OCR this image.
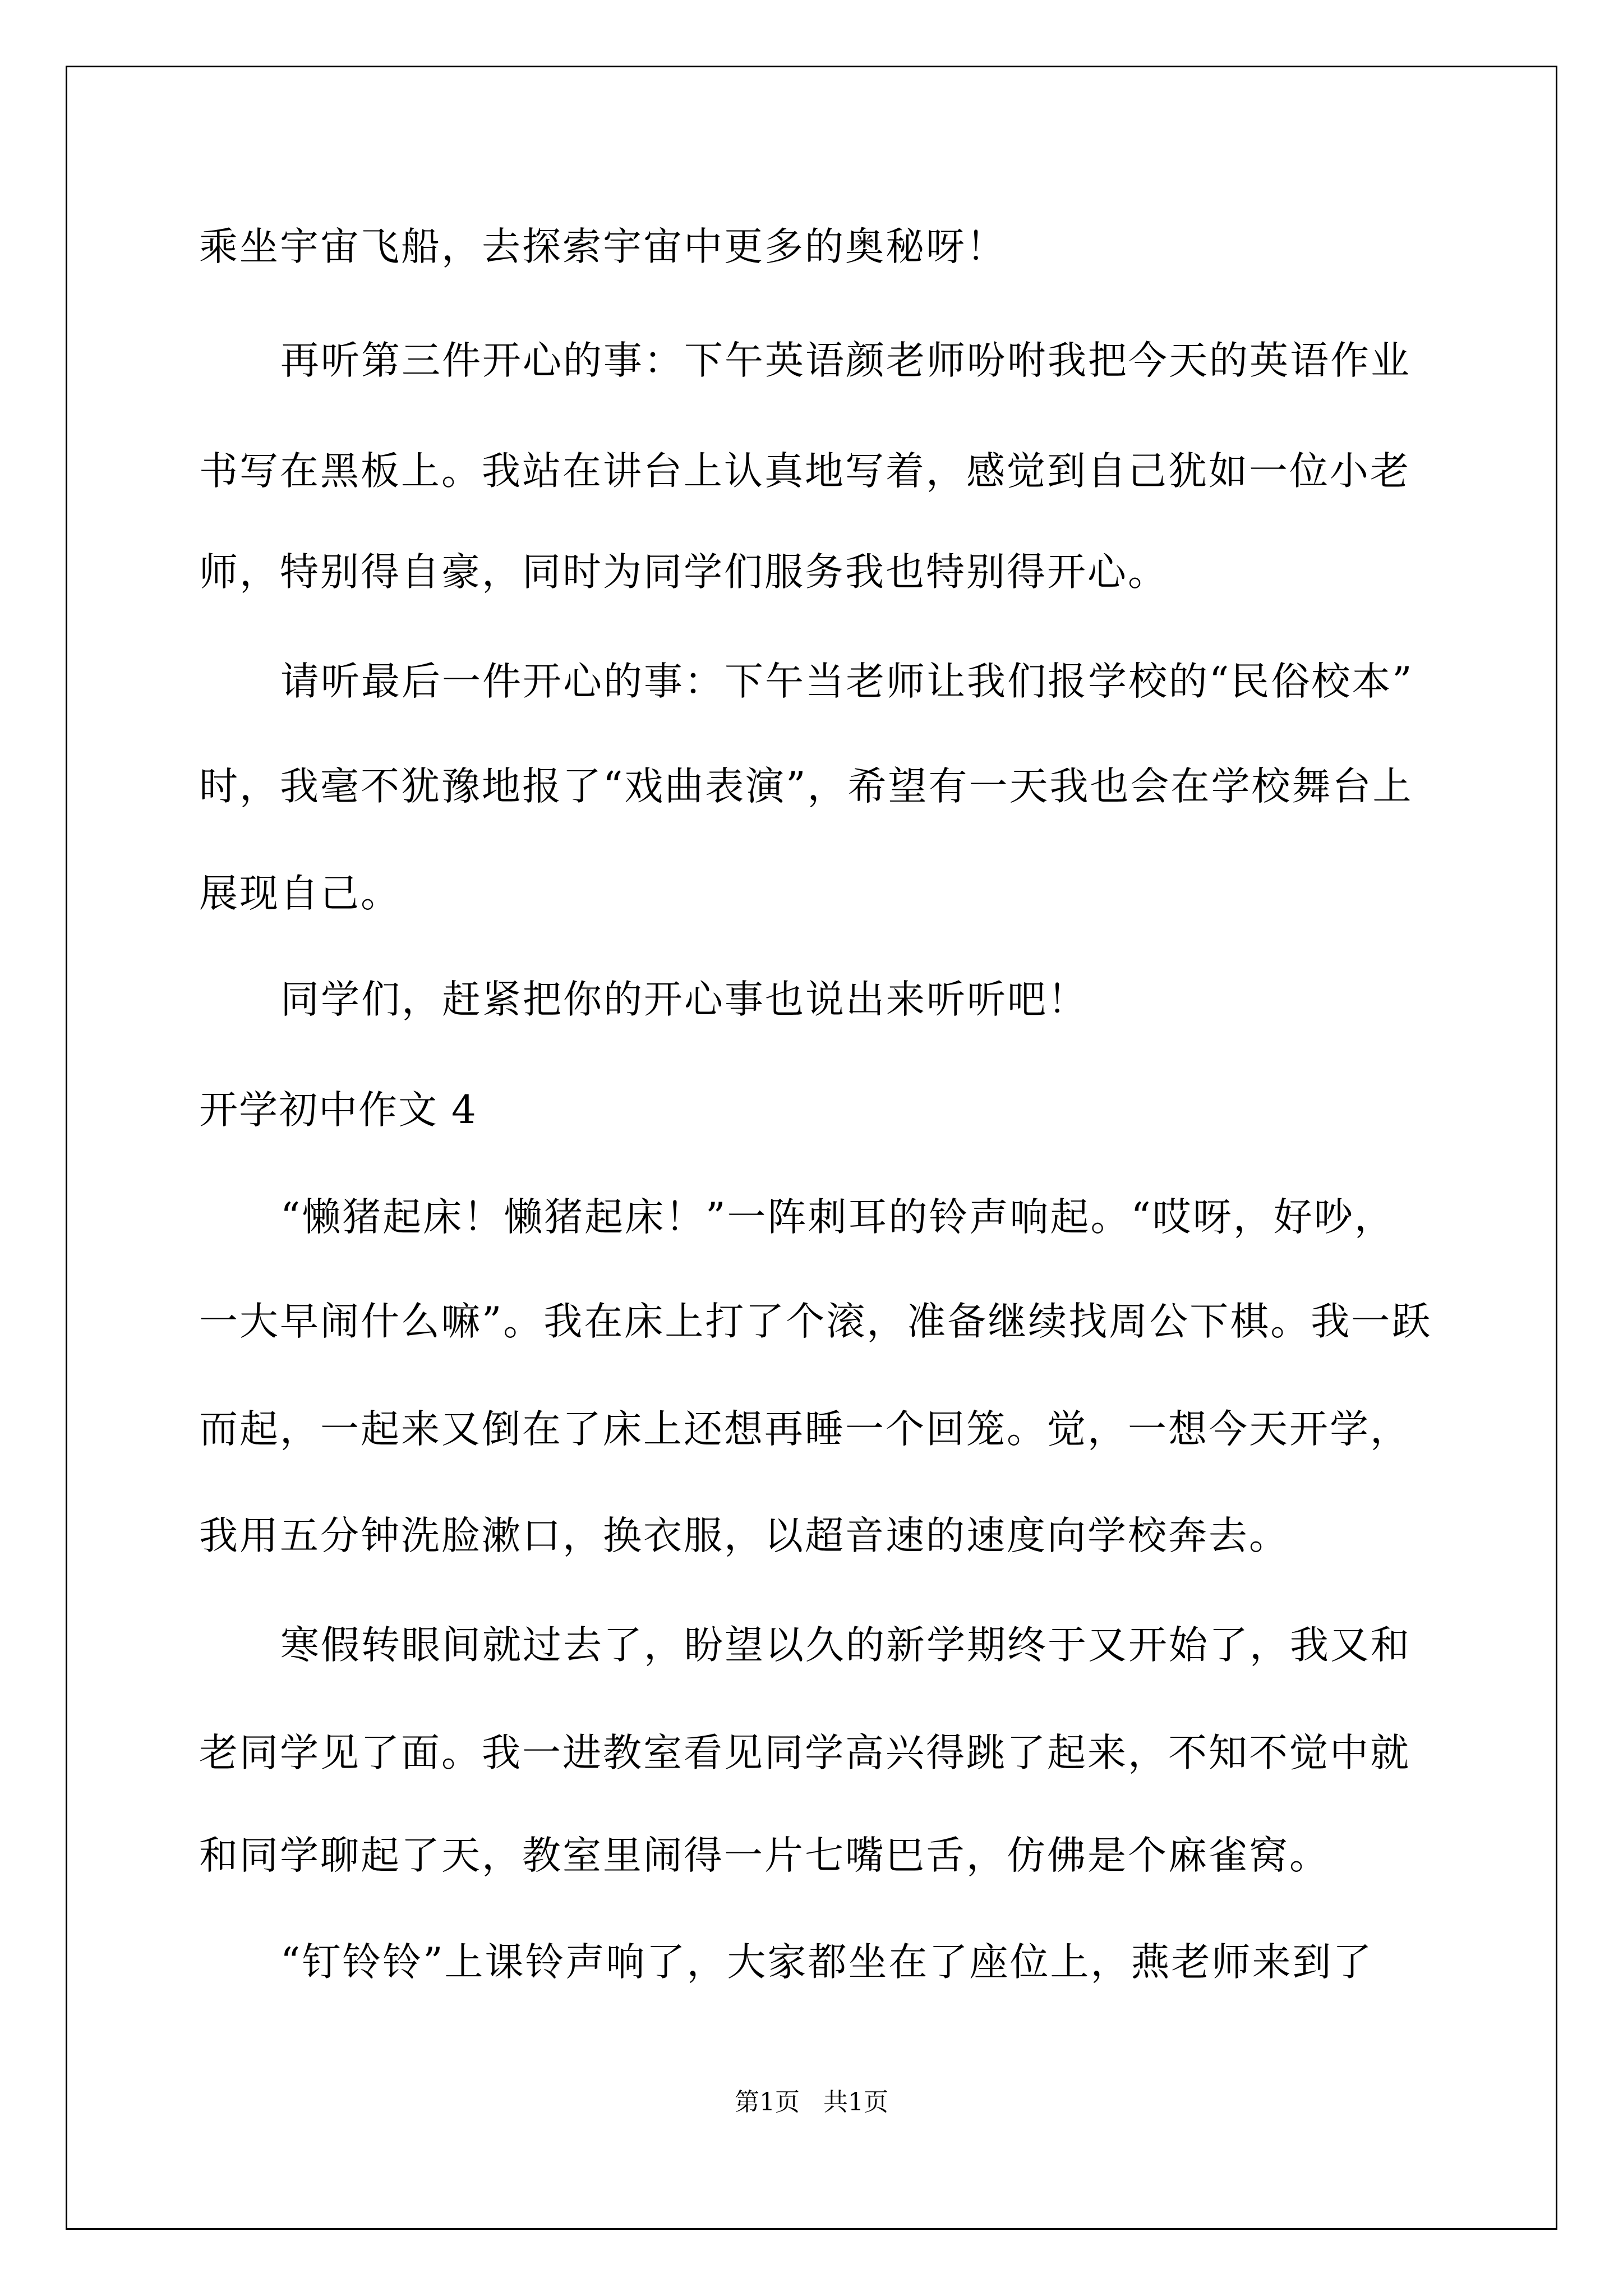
乘坐宇宙飞船，去探索宇宙中更多的奥秘呀！
再听第三件开心的事：下午英语颜老师吩咐我把今天的英语作业
书写在黑板上。我站在讲台上认真地写着，感觉到自己犹如一位小老
师，特别得自豪，同时为同学们服务我也特别得开心。
请听最后一件开心的事：下午当老师让我们报学校的“民俗校本”
时，我毫不犹豫地报了“戏曲表演”，希望有一天我也会在学校舞台上
展现自己。
同学们，赶紧把你的开心事也说出来听听吧！
开学初中作文 4
“懒猪起床！懒猪起床！”一阵刺耳的铃声响起。“哎呀，好吵，
一大早闹什么嘛”。我在床上打了个滚，准备继续找周公下棋。我一跃
而起，一起来又倒在了床上还想再睡一个回笼。觉，一想今天开学，
我用五分钟洗脸漱口，换衣服，以超音速的速度向学校奔去。
寒假转眼间就过去了，盼望以久的新学期终于又开始了，我又和
老同学见了面。我一进教室看见同学高兴得跳了起来，不知不觉中就
和同学聊起了天，教室里闹得一片七嘴巴舌，仿佛是个麻雀窝。
“钉铃铃”上课铃声响了，大家都坐在了座位上，燕老师来到了
第1页   共1页
